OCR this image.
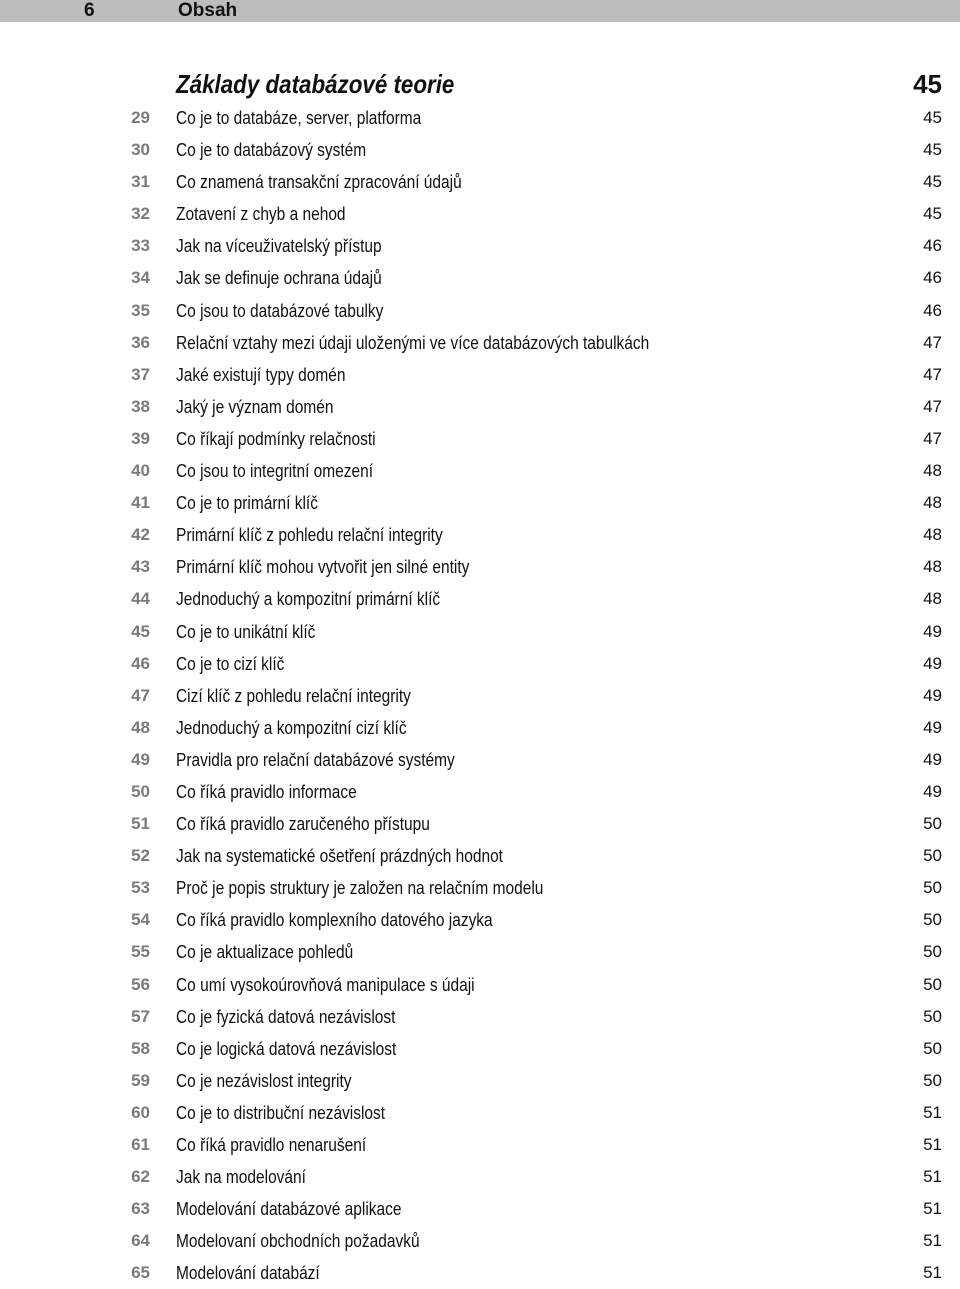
6	Obsah
Základy databázové teorie	45
29 Co je to databáze, server, platforma	45
30 Co je to databázový systém	45
31 Co znamená transakční zpracování údajů	45
32 Zotavení z chyb a nehod	45
33 Jak na víceuživatelský přístup	46
34 Jak se definuje ochrana údajů	46
35 Co jsou to databázové tabulky	46
36 Relační vztahy mezi údaji uloženými ve více databázových tabulkách	47
37 Jaké existují typy domén	47
38 Jaký je význam domén	47
39 Co říkají podmínky relačnosti	47
40 Co jsou to integritní omezení	48
41 Co je to primární klíč	48
42 Primární klíč z pohledu relační integrity	48
43 Primární klíč mohou vytvořit jen silné entity	48
44 Jednoduchý a kompozitní primární klíč	48
45 Co je to unikátní klíč	49
46 Co je to cizí klíč	49
47 Cizí klíč z pohledu relační integrity	49
48 Jednoduchý a kompozitní cizí klíč	49
49 Pravidla pro relační databázové systémy	49
50 Co říká pravidlo informace	49
51 Co říká pravidlo zaručeného přístupu	50
52 Jak na systematické ošetření prázdných hodnot	50
53 Proč je popis struktury je založen na relačním modelu	50
54 Co říká pravidlo komplexního datového jazyka	50
55 Co je aktualizace pohledů	50
56 Co umí vysokoúrovňová manipulace s údaji	50
57 Co je fyzická datová nezávislost	50
58 Co je logická datová nezávislost	50
59 Co je nezávislost integrity	50
60 Co je to distribuční nezávislost	51
61 Co říká pravidlo nenarušení	51
62 Jak na modelování	51
63 Modelování databázové aplikace	51
64 Modelovaní obchodních požadavků	51
65 Modelování databází	51
